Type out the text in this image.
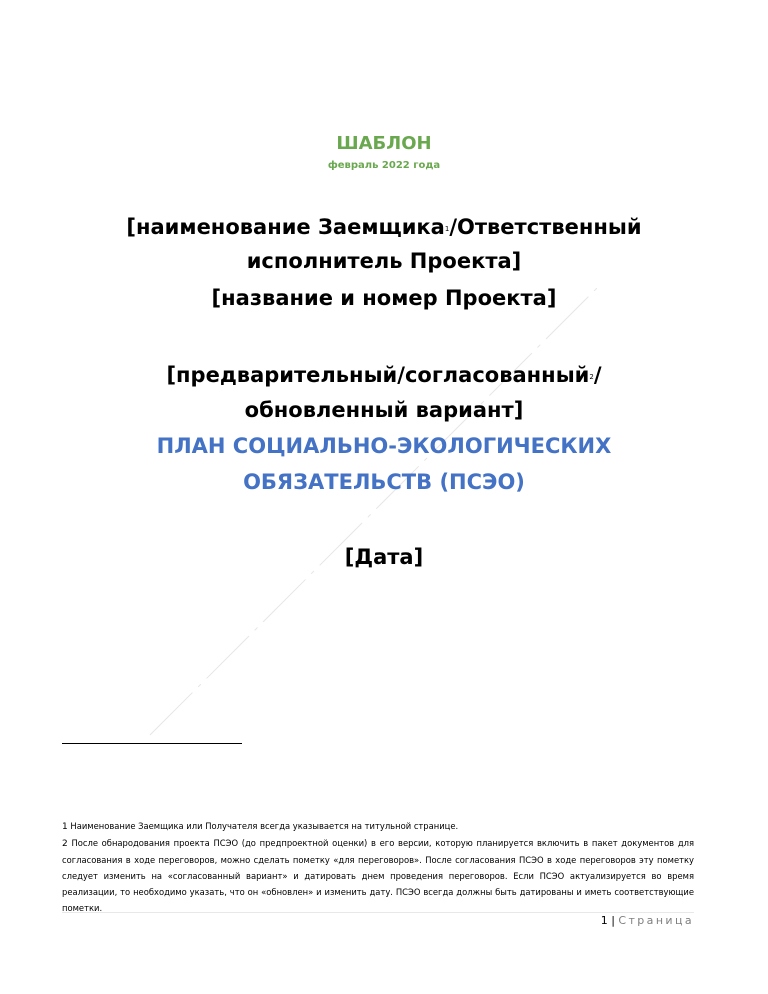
ШАБЛОН
февраль 2022 года
[наименование Заемщика1/Ответственный
исполнитель Проекта]
[название и номер Проекта]
[предварительный/согласованный2/
обновленный вариант]
ПЛАН СОЦИАЛЬНО-ЭКОЛОГИЧЕСКИХ
ОБЯЗАТЕЛЬСТВ (ПСЭО)
[Дата]
1 Наименование Заемщика или Получателя всегда указывается на титульной странице.
2 После обнародования проекта ПСЭО (до предпроектной оценки) в его версии, которую планируется включить в пакет документов для согласования в ходе переговоров, можно сделать пометку «для переговоров». После согласования ПСЭО в ходе переговоров эту пометку следует изменить на «согласованный вариант» и датировать днем проведения переговоров. Если ПСЭО актуализируется во время реализации, то необходимо указать, что он «обновлен» и изменить дату. ПСЭО всегда должны быть датированы и иметь соответствующие пометки.
1 | Страница
